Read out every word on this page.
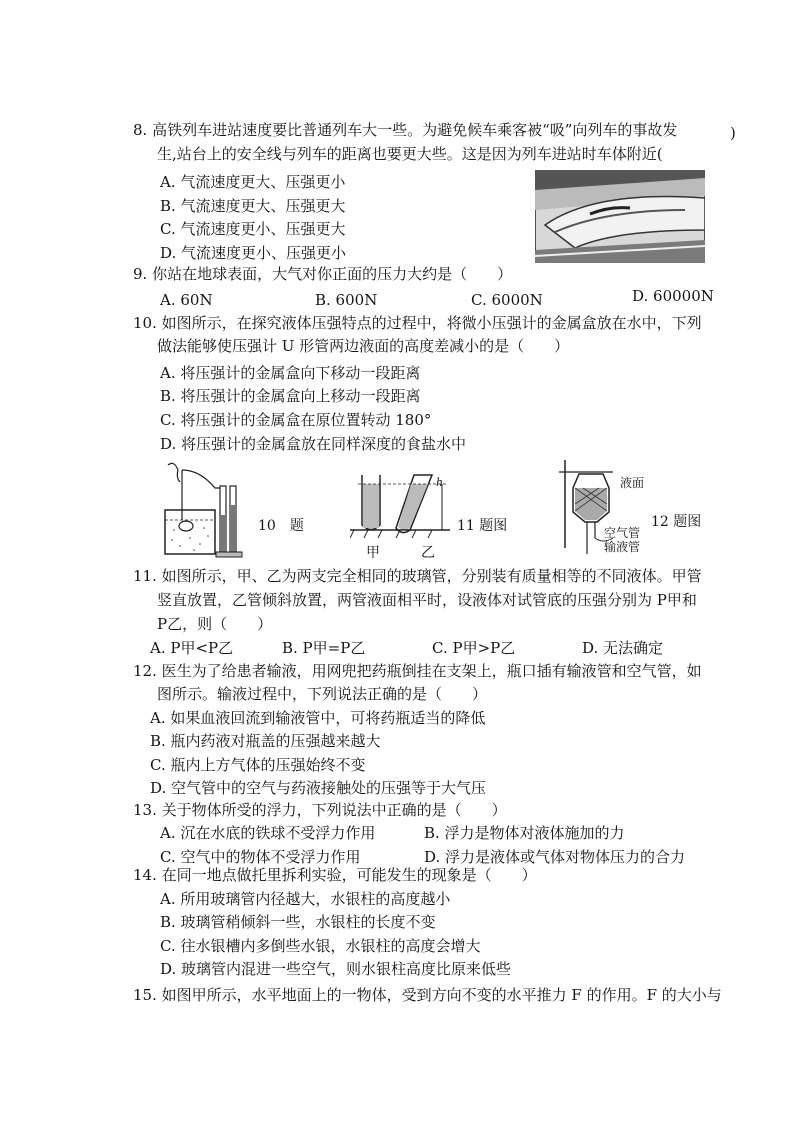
8. 高铁列车进站速度要比普通列车大一些。为避免候车乘客被“吸”向列车的事故发
生,站台上的安全线与列车的距离也要更大些。这是因为列车进站时车体附近(
)
A. 气流速度更大、压强更小
B. 气流速度更大、压强更大
C. 气流速度更小、压强更大
D. 气流速度更小、压强更小
9. 你站在地球表面，大气对你正面的压力大约是（　　）
A. 60N	B. 600N	C. 6000N	D. 60000N
10. 如图所示，在探究液体压强特点的过程中，将微小压强计的金属盒放在水中，下列
做法能够使压强计 U 形管两边液面的高度差减小的是（　　）
A. 将压强计的金属盒向下移动一段距离
B. 将压强计的金属盒向上移动一段距离
C. 将压强计的金属盒在原位置转动 180°
D. 将压强计的金属盒放在同样深度的食盐水中
10　题
h
甲	乙
11 题图
液面
空气管
输液管
12 题图
11. 如图所示，甲、乙为两支完全相同的玻璃管，分别装有质量相等的不同液体。甲管
竖直放置，乙管倾斜放置，两管液面相平时，设液体对试管底的压强分别为 P甲和
P乙，则（　　）
A. P甲<P乙	B. P甲=P乙	C. P甲>P乙	D. 无法确定
12. 医生为了给患者输液，用网兜把药瓶倒挂在支架上，瓶口插有输液管和空气管，如
图所示。输液过程中，下列说法正确的是（　　）
A. 如果血液回流到输液管中，可将药瓶适当的降低
B. 瓶内药液对瓶盖的压强越来越大
C. 瓶内上方气体的压强始终不变
D. 空气管中的空气与药液接触处的压强等于大气压
13. 关于物体所受的浮力，下列说法中正确的是（　　）
A. 沉在水底的铁球不受浮力作用	B. 浮力是物体对液体施加的力
C. 空气中的物体不受浮力作用	D. 浮力是液体或气体对物体压力的合力
14. 在同一地点做托里拆利实验，可能发生的现象是（　　）
A. 所用玻璃管内径越大，水银柱的高度越小
B. 玻璃管稍倾斜一些，水银柱的长度不变
C. 往水银槽内多倒些水银，水银柱的高度会增大
D. 玻璃管内混进一些空气，则水银柱高度比原来低些
15. 如图甲所示，水平地面上的一物体，受到方向不变的水平推力 F 的作用。F 的大小与
